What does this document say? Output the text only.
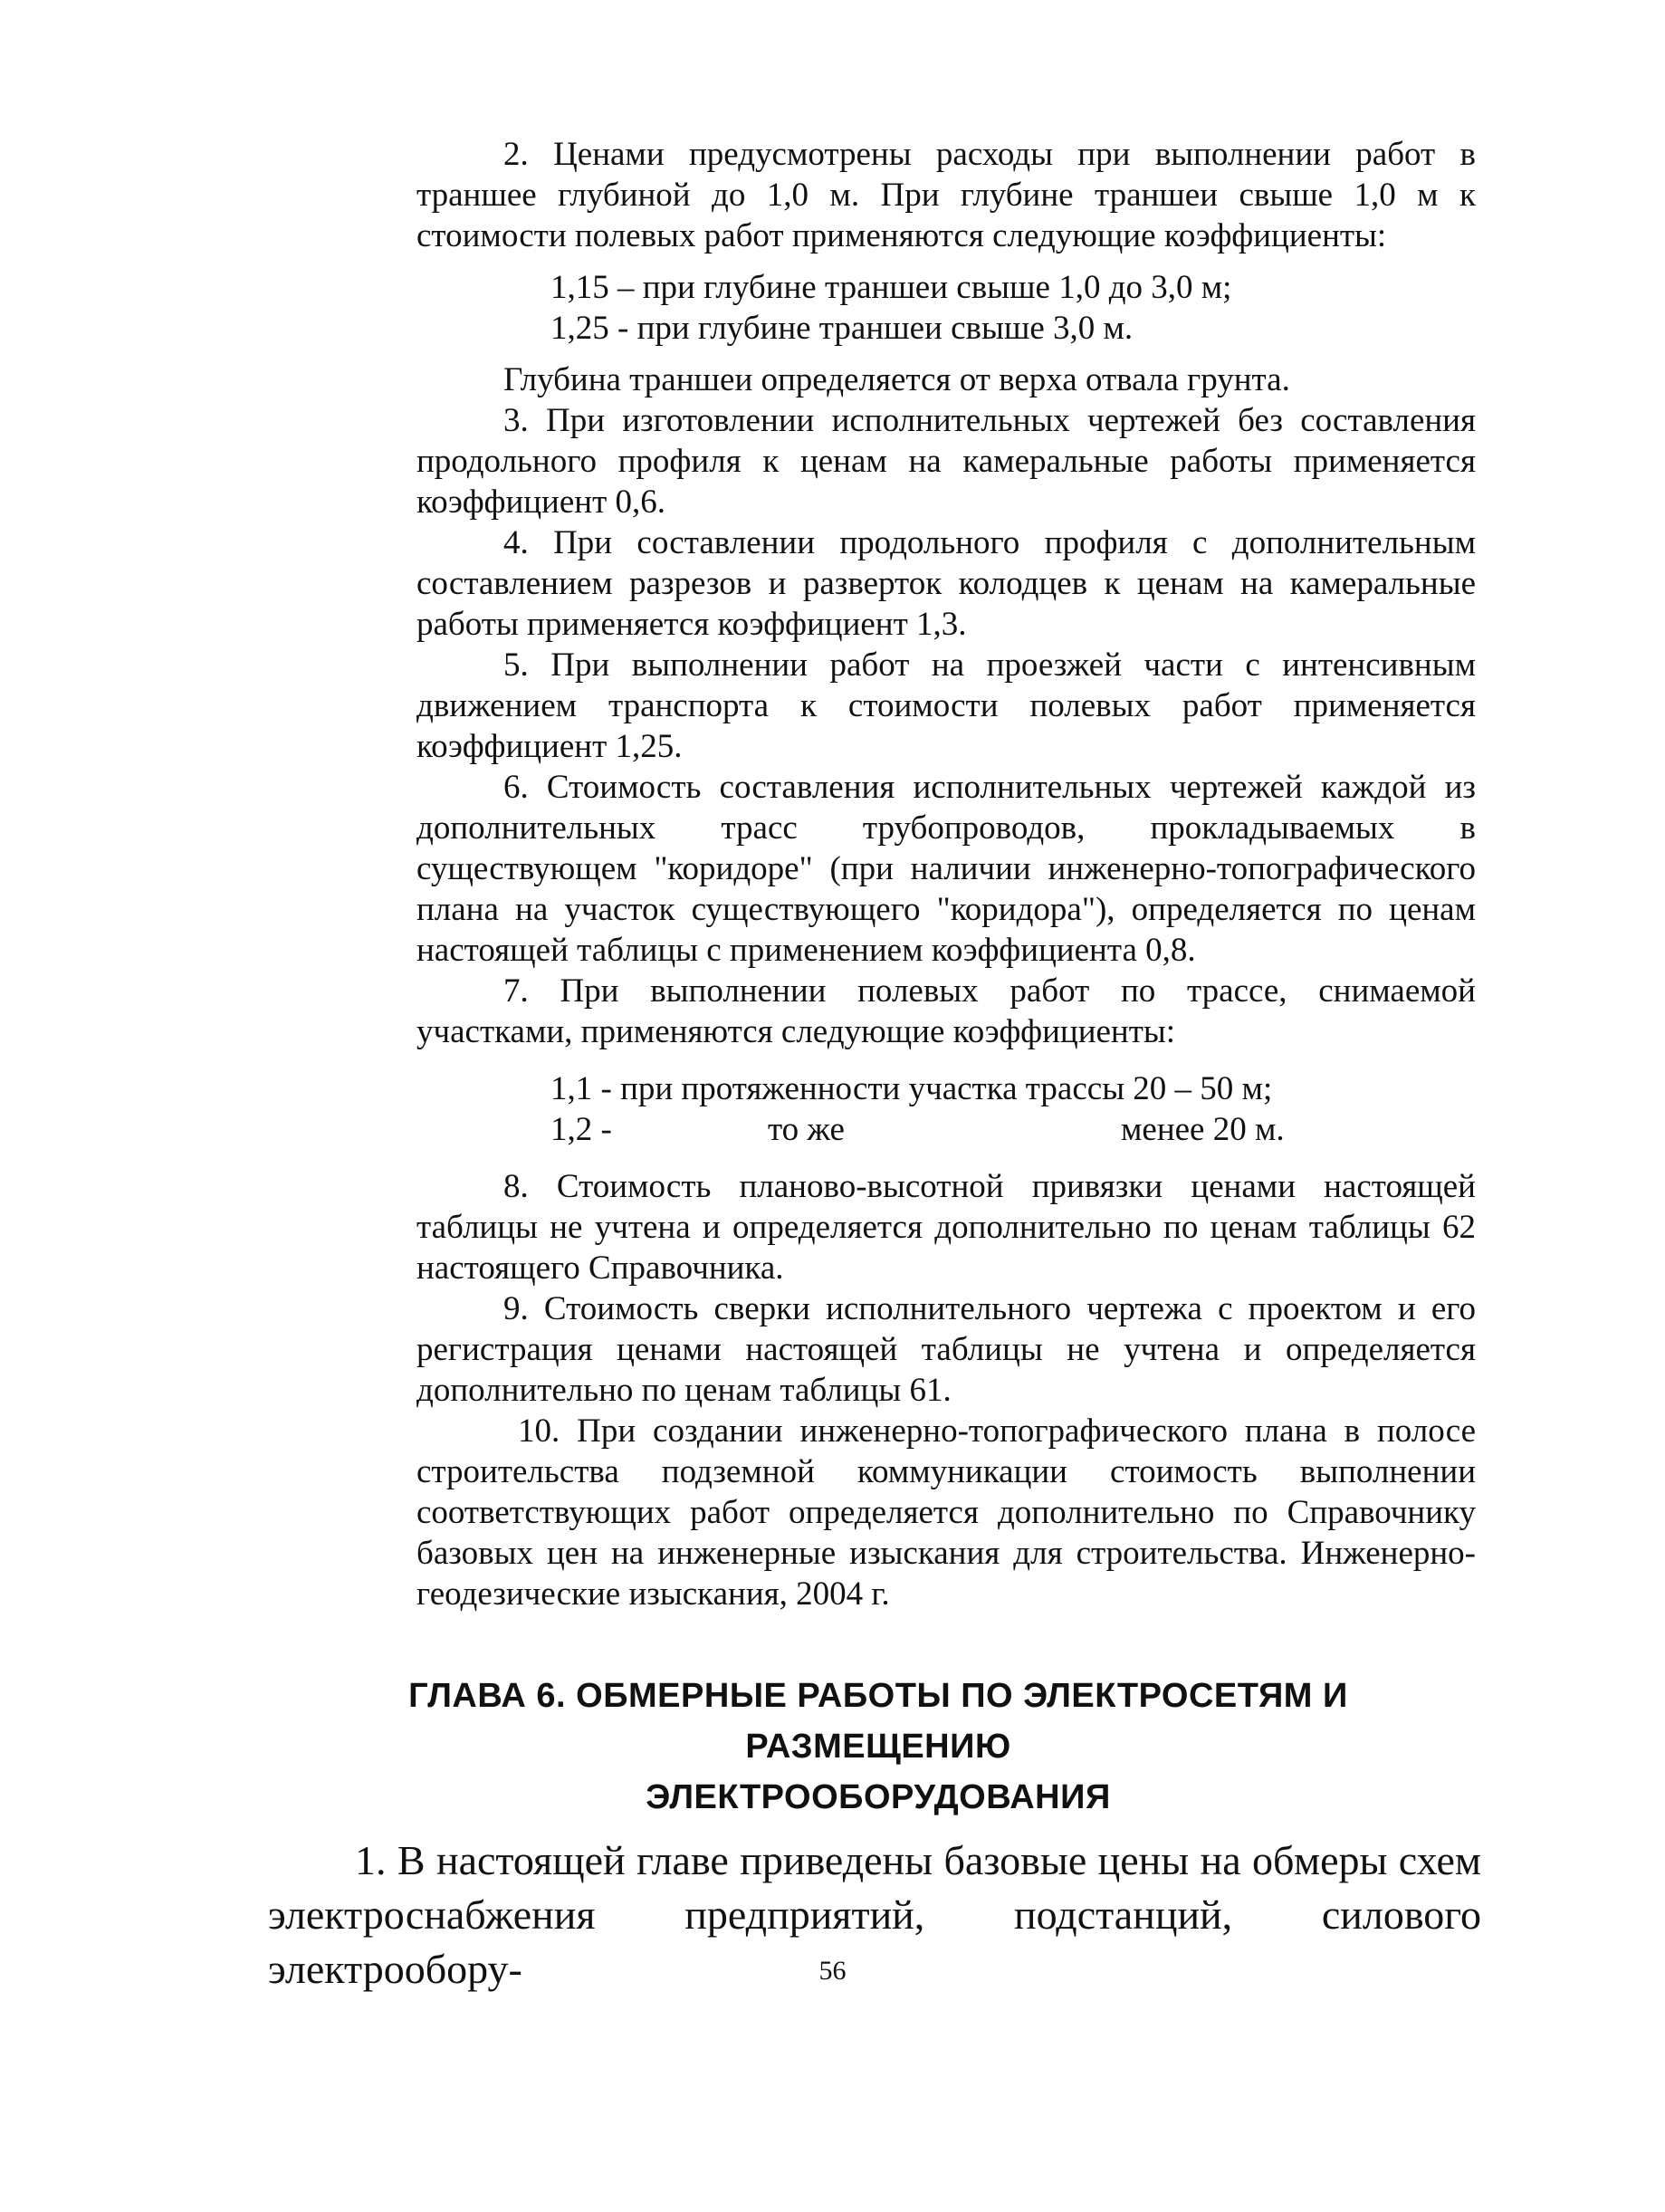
2. Ценами предусмотрены расходы при выполнении работ в траншее глубиной до 1,0 м. При глубине траншеи свыше 1,0 м к стоимости полевых работ применяются следующие коэффициенты:

1,15 – при глубине траншеи свыше 1,0 до 3,0 м;

1,25 - при глубине траншеи свыше 3,0 м.

Глубина траншеи определяется от верха отвала грунта.

3. При изготовлении исполнительных чертежей без составления продольного профиля к ценам на камеральные работы применяется коэффициент 0,6.

4. При составлении продольного профиля с дополнительным составлением разрезов и разверток колодцев к ценам на камеральные работы применяется коэффициент 1,3.

5. При выполнении работ на проезжей части с интенсивным движением транспорта к стоимости полевых работ применяется коэффициент 1,25.

6. Стоимость составления исполнительных чертежей каждой из дополнительных трасс трубопроводов, прокладываемых в существующем "коридоре" (при наличии инженерно-топографического плана на участок существующего "коридора"), определяется по ценам настоящей таблицы с применением коэффициента 0,8.

7. При выполнении полевых работ по трассе, снимаемой участками, применяются следующие коэффициенты:

1,1 - при протяженности участка трассы 20 – 50 м;

1,2 -	то же	менее 20 м.

8. Стоимость планово-высотной привязки ценами настоящей таблицы не учтена и определяется дополнительно по ценам таблицы 62 настоящего Справочника.

9. Стоимость сверки исполнительного чертежа с проектом и его регистрация ценами настоящей таблицы не учтена и определяется дополнительно по ценам таблицы 61.

10. При создании инженерно-топографического плана в полосе строительства подземной коммуникации стоимость выполнении соответствующих работ определяется дополнительно по Справочнику базовых цен на инженерные изыскания для строительства. Инженерно-геодезические изыскания, 2004 г.

ГЛАВА 6. ОБМЕРНЫЕ РАБОТЫ ПО ЭЛЕКТРОСЕТЯМ И РАЗМЕЩЕНИЮ
ЭЛЕКТРООБОРУДОВАНИЯ

1. В настоящей главе приведены базовые цены на обмеры схем электроснабжения предприятий, подстанций, силового электрообору-	56
